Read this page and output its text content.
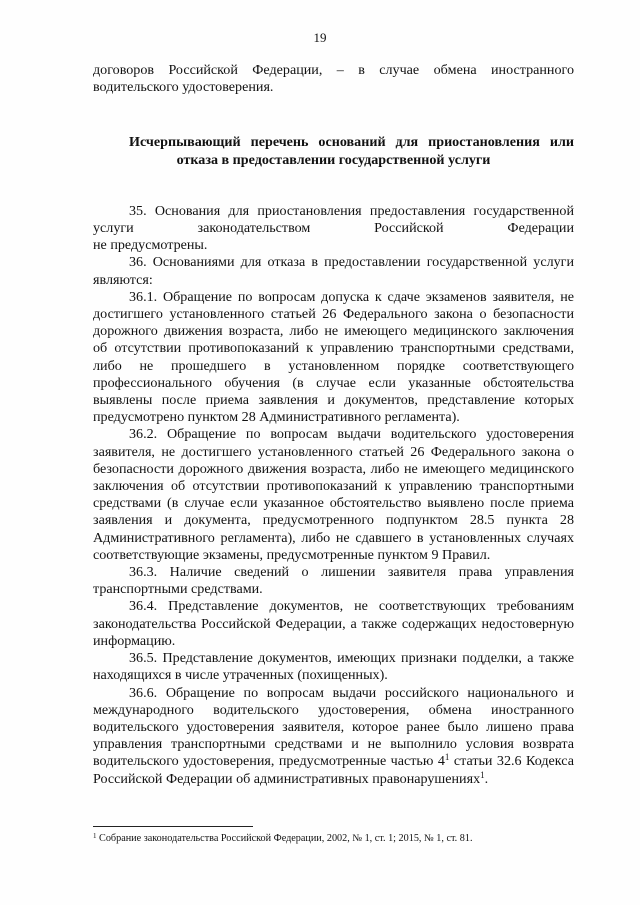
19

договоров Российской Федерации, – в случае обмена иностранного водительского удостоверения.

Исчерпывающий перечень оснований для приостановления или отказа в предоставлении государственной услуги

35. Основания для приостановления предоставления государственной услуги законодательством Российской Федерации

не предусмотрены.

36. Основаниями для отказа в предоставлении государственной услуги являются:

36.1. Обращение по вопросам допуска к сдаче экзаменов заявителя, не достигшего установленного статьей 26 Федерального закона о безопасности дорожного движения возраста, либо не имеющего медицинского заключения об отсутствии противопоказаний к управлению транспортными средствами, либо не прошедшего в установленном порядке соответствующего профессионального обучения (в случае если указанные обстоятельства выявлены после приема заявления и документов, представление которых предусмотрено пунктом 28 Административного регламента).

36.2. Обращение по вопросам выдачи водительского удостоверения заявителя, не достигшего установленного статьей 26 Федерального закона о безопасности дорожного движения возраста, либо не имеющего медицинского заключения об отсутствии противопоказаний к управлению транспортными средствами (в случае если указанное обстоятельство выявлено после приема заявления и документа, предусмотренного подпунктом 28.5 пункта 28 Административного регламента), либо не сдавшего в установленных случаях соответствующие экзамены, предусмотренные пунктом 9 Правил.

36.3. Наличие сведений о лишении заявителя права управления транспортными средствами.

36.4. Представление документов, не соответствующих требованиям законодательства Российской Федерации, а также содержащих недостоверную информацию.

36.5. Представление документов, имеющих признаки подделки, а также находящихся в числе утраченных (похищенных).

36.6. Обращение по вопросам выдачи российского национального и международного водительского удостоверения, обмена иностранного водительского удостоверения заявителя, которое ранее было лишено права управления транспортными средствами и не выполнило условия возврата водительского удостоверения, предусмотренные частью $4^1$ статьи 32.6 Кодекса Российской Федерации об административных правонарушениях$^1$.

$^1$ Собрание законодательства Российской Федерации, 2002, № 1, ст. 1; 2015, № 1, ст. 81.
